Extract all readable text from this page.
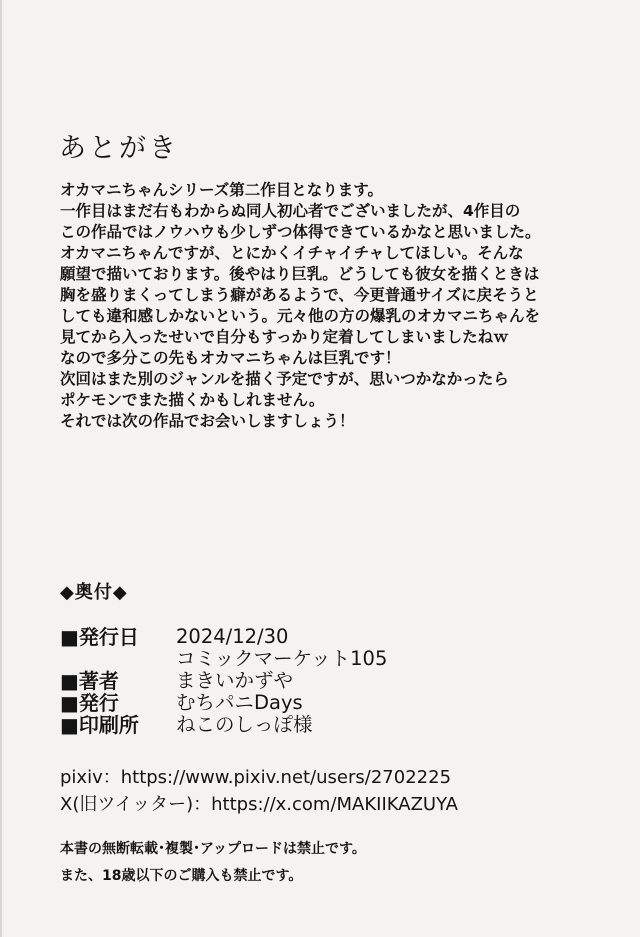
あとがき
オカマニちゃんシリーズ第二作目となります。
一作目はまだ右もわからぬ同人初心者でございましたが、4作目の
この作品ではノウハウも少しずつ体得できているかなと思いました。
オカマニちゃんですが、とにかくイチャイチャしてほしい。そんな
願望で描いております。後やはり巨乳。どうしても彼女を描くときは
胸を盛りまくってしまう癖があるようで、今更普通サイズに戻そうと
しても違和感しかないという。元々他の方の爆乳のオカマニちゃんを
見てから入ったせいで自分もすっかり定着してしまいましたねｗ
なので多分この先もオカマニちゃんは巨乳です！
次回はまた別のジャンルを描く予定ですが、思いつかなかったら
ポケモンでまた描くかもしれません。
それでは次の作品でお会いしますしょう！
◆奥付◆
■発行日	2024/12/30
コミックマーケット105
■著者	まきいかずや
■発行	むちパニDays
■印刷所	ねこのしっぽ様
pixiv：https://www.pixiv.net/users/2702225
X(旧ツイッター)：https://x.com/MAKIIKAZUYA
本書の無断転載･複製･アップロードは禁止です。
また、18歳以下のご購入も禁止です。
